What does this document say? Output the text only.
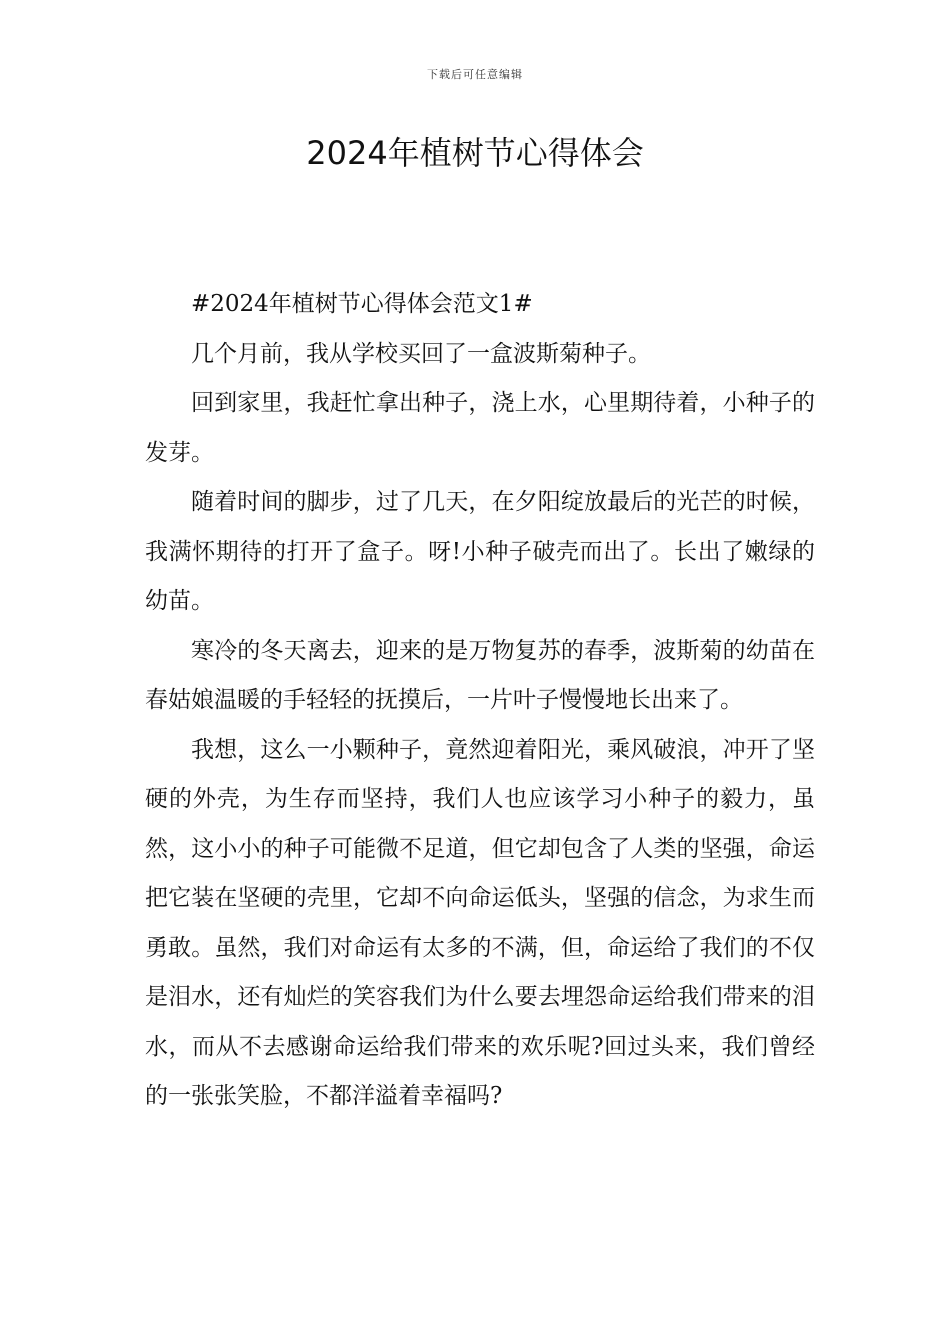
下载后可任意编辑
2024年植树节心得体会

#2024年植树节心得体会范文1#

几个月前，我从学校买回了一盒波斯菊种子。

回到家里，我赶忙拿出种子，浇上水，心里期待着，小种子的发芽。

随着时间的脚步，过了几天，在夕阳绽放最后的光芒的时候，我满怀期待的打开了盒子。呀!小种子破壳而出了。长出了嫩绿的幼苗。

寒冷的冬天离去，迎来的是万物复苏的春季，波斯菊的幼苗在春姑娘温暖的手轻轻的抚摸后，一片叶子慢慢地长出来了。

我想，这么一小颗种子，竟然迎着阳光，乘风破浪，冲开了坚硬的外壳，为生存而坚持，我们人也应该学习小种子的毅力，虽然，这小小的种子可能微不足道，但它却包含了人类的坚强，命运把它装在坚硬的壳里，它却不向命运低头，坚强的信念，为求生而勇敢。虽然，我们对命运有太多的不满，但，命运给了我们的不仅是泪水，还有灿烂的笑容我们为什么要去埋怨命运给我们带来的泪水，而从不去感谢命运给我们带来的欢乐呢?回过头来，我们曾经的一张张笑脸，不都洋溢着幸福吗?
